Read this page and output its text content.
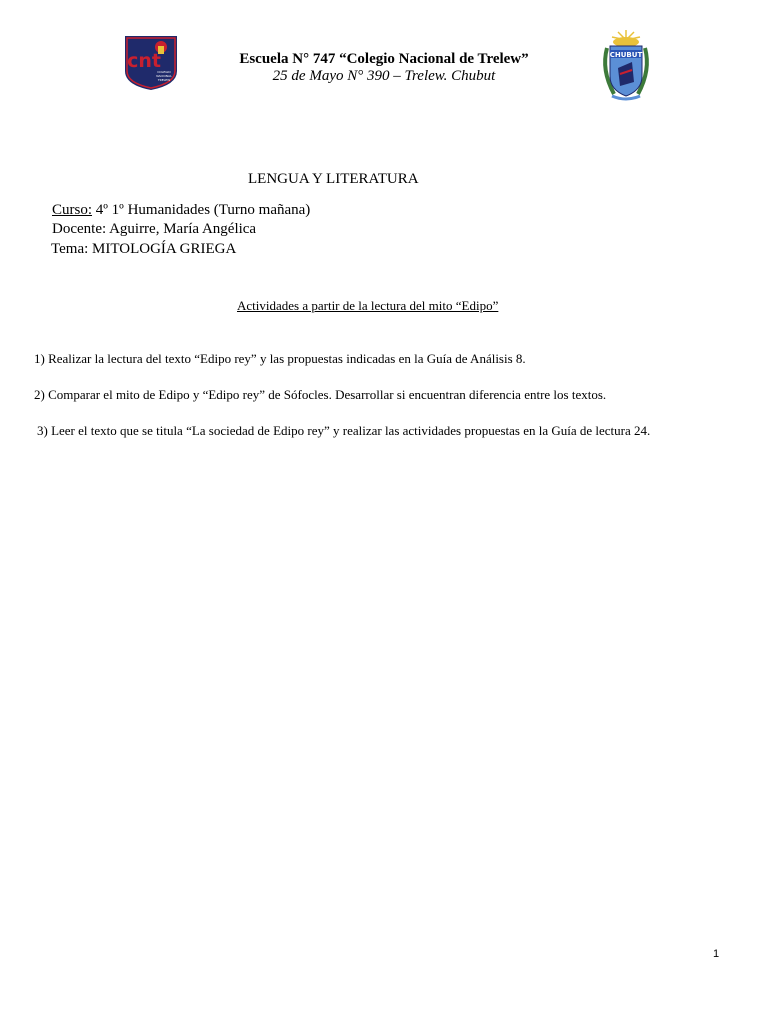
cnt
COLEGIO
NACIONAL
TRELEW
Escuela N° 747 “Colegio Nacional de Trelew”
25 de Mayo N° 390 – Trelew. Chubut
CHUBUT
LENGUA Y LITERATURA
Curso: 4º 1º Humanidades (Turno mañana)
Docente: Aguirre, María Angélica
Tema: MITOLOGÍA GRIEGA
Actividades a partir de la lectura del mito “Edipo”
1) Realizar la lectura del texto “Edipo rey” y las propuestas indicadas en la Guía de Análisis 8.
2) Comparar el mito de Edipo y “Edipo rey” de Sófocles. Desarrollar si encuentran diferencia entre los textos.
3) Leer el texto que se titula “La sociedad de Edipo rey” y realizar las actividades propuestas en la Guía de lectura 24.
1
